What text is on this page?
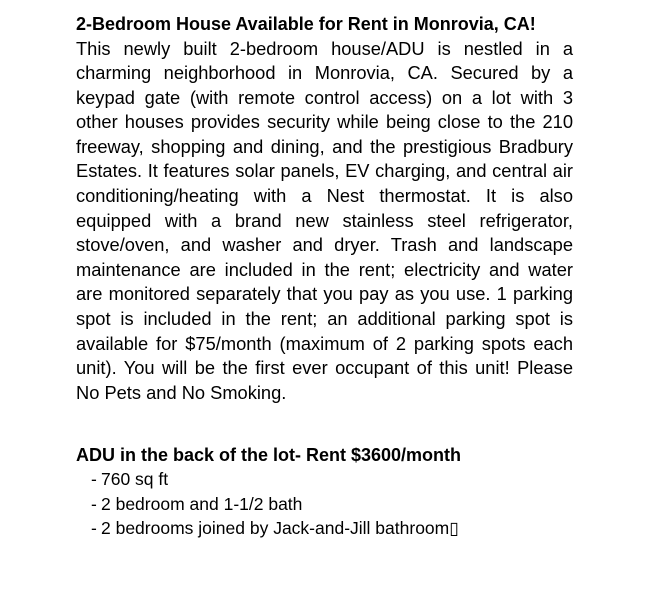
2-Bedroom House Available for Rent in Monrovia, CA!

This newly built 2-bedroom house/ADU is nestled in a charming neighborhood in Monrovia, CA. Secured by a keypad gate (with remote control access) on a lot with 3 other houses provides security while being close to the 210 freeway, shopping and dining, and the prestigious Bradbury Estates. It features solar panels, EV charging, and central air conditioning/heating with a Nest thermostat. It is also equipped with a brand new stainless steel refrigerator, stove/oven, and washer and dryer. Trash and landscape maintenance are included in the rent; electricity and water are monitored separately that you pay as you use. 1 parking spot is included in the rent; an additional parking spot is available for $75/month (maximum of 2 parking spots each unit). You will be the first ever occupant of this unit! Please No Pets and No Smoking.

ADU in the back of the lot- Rent $3600/month

- 760 sq ft
- 2 bedroom and 1-1/2 bath
- 2 bedrooms joined by Jack-and-Jill bathroom▯
